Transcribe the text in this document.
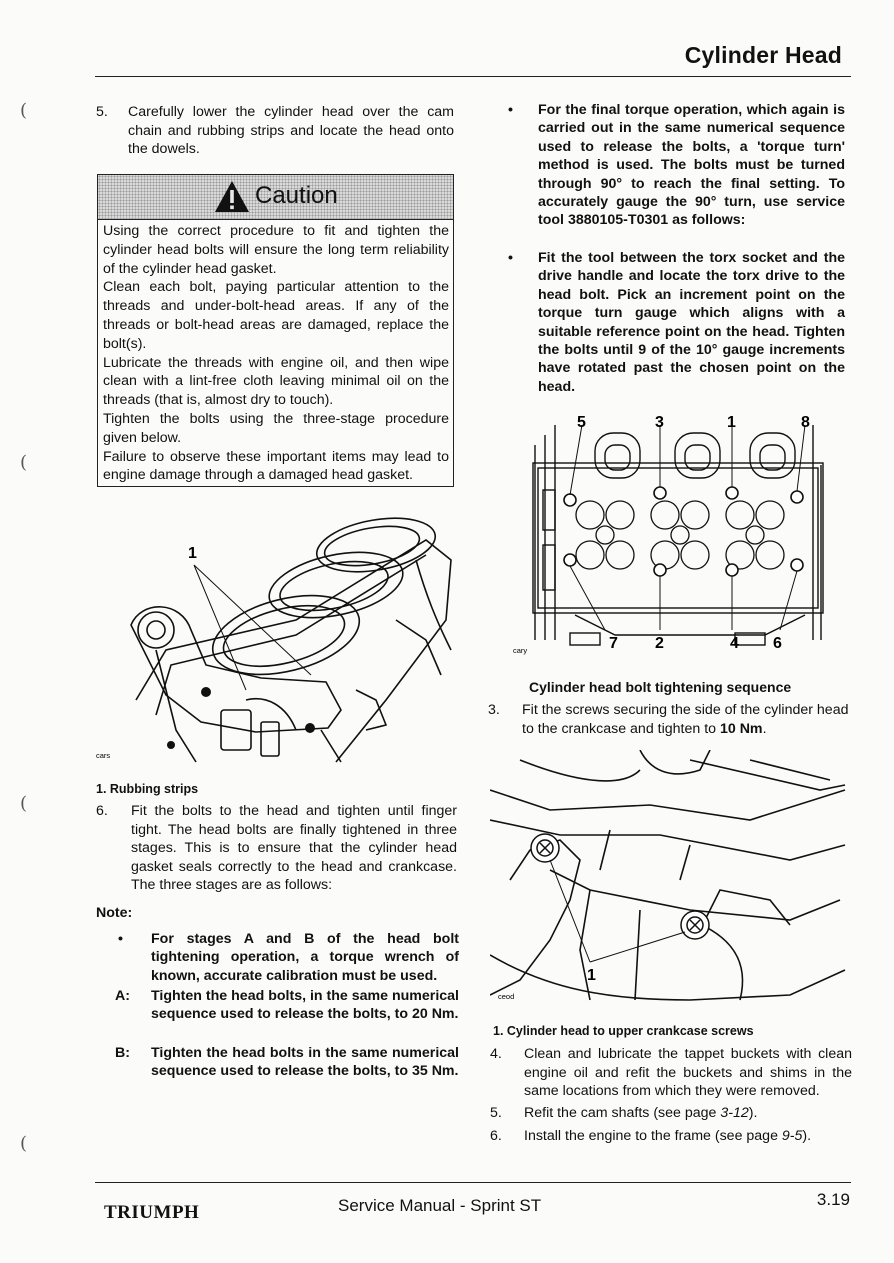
Cylinder Head
(
(
(
(
5. Carefully lower the cylinder head over the cam chain and rubbing strips and locate the head onto the dowels.
Caution

Using the correct procedure to fit and tighten the cylinder head bolts will ensure the long term reliability of the cylinder head gasket.

Clean each bolt, paying particular attention to the threads and under-bolt-head areas. If any of the threads or bolt-head areas are damaged, replace the bolt(s).

Lubricate the threads with engine oil, and then wipe clean with a lint-free cloth leaving minimal oil on the threads (that is, almost dry to touch).

Tighten the bolts using the three-stage procedure given below.

Failure to observe these important items may lead to engine damage through a damaged head gasket.

1
cars
1. Rubbing strips
6. Fit the bolts to the head and tighten until finger tight. The head bolts are finally tightened in three stages. This is to ensure that the cylinder head gasket seals correctly to the head and crankcase. The three stages are as follows:
Note:
• For stages A and B of the head bolt tightening operation, a torque wrench of known, accurate calibration must be used.
A: Tighten the head bolts, in the same numerical sequence used to release the bolts, to 20 Nm.
B: Tighten the head bolts in the same numerical sequence used to release the bolts, to 35 Nm.
• For the final torque operation, which again is carried out in the same numerical sequence used to release the bolts, a 'torque turn' method is used. The bolts must be turned through 90° to reach the final setting. To accurately gauge the 90° turn, use service tool 3880105-T0301 as follows:
• Fit the tool between the torx socket and the drive handle and locate the torx drive to the head bolt. Pick an increment point on the torque turn gauge which aligns with a suitable reference point on the head. Tighten the bolts until 9 of the 10° gauge increments have rotated past the chosen point on the head.
5	3	1	8
7 2	4 6
cary
Cylinder head bolt tightening sequence
3. Fit the screws securing the side of the cylinder head to the crankcase and tighten to 10 Nm.
1
ceod
1. Cylinder head to upper crankcase screws
4. Clean and lubricate the tappet buckets with clean engine oil and refit the buckets and shims in the same locations from which they were removed.
5. Refit the cam shafts (see page 3-12).
6. Install the engine to the frame (see page 9-5).
TRIUMPH	Service Manual - Sprint ST	3.19
